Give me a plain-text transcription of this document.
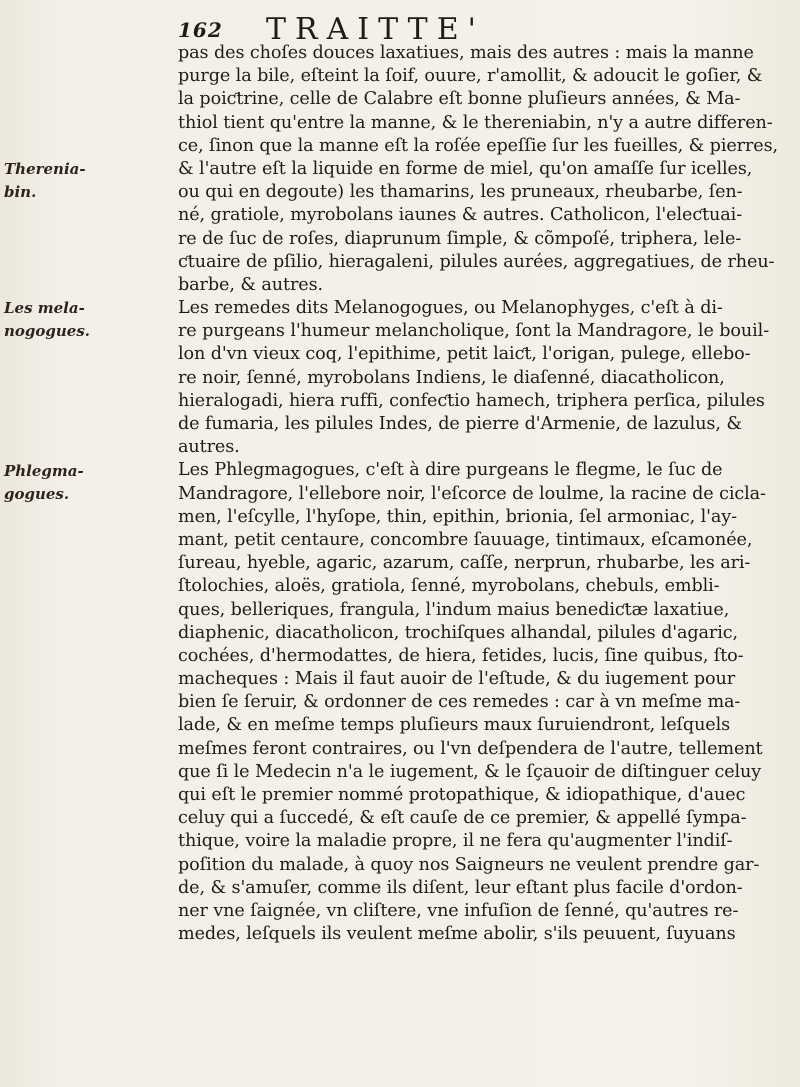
162 TRAITTE'
Therenia-
bin.
Les mela-
nogogues.
Phlegma-
gogues.
pas des choſes douces laxatiues, mais des autres : mais la manne
purge la bile, eſteint la ſoif, ouure, r'amollit, & adoucit le goſier, &
la poiƈtrine, celle de Calabre eſt bonne pluſieurs années, & Ma-
thiol tient qu'entre la manne, & le thereniabin, n'y a autre differen-
ce, ſinon que la manne eſt la roſée epeſſie ſur les fueilles, & pierres,
& l'autre eſt la liquide en forme de miel, qu'on amaſſe ſur icelles,
ou qui en degoute) les thamarins, les pruneaux, rheubarbe, ſen-
né, gratiole, myrobolans iaunes & autres. Catholicon, l'eleƈtuai-
re de ſuc de roſes, diaprunum ſimple, & cõmpoſé, triphera, lele-
ƈtuaire de pſilio, hieragaleni, pilules aurées, aggregatiues, de rheu-
barbe, & autres.
Les remedes dits Melanogogues, ou Melanophyges, c'eſt à di-
re purgeans l'humeur melancholique, ſont la Mandragore, le bouil-
lon d'vn vieux coq, l'epithime, petit laiƈt, l'origan, pulege, ellebo-
re noir, ſenné, myrobolans Indiens, le diaſenné, diacatholicon,
hieralogadi, hiera ruffi, confeƈtio hamech, triphera perſica, pilules
de fumaria, les pilules Indes, de pierre d'Armenie, de lazulus, &
autres.
Les Phlegmagogues, c'eſt à dire purgeans le flegme, le ſuc de
Mandragore, l'ellebore noir, l'eſcorce de loulme, la racine de cicla-
men, l'eſcylle, l'hyſope, thin, epithin, brionia, ſel armoniac, l'ay-
mant, petit centaure, concombre ſauuage, tintimaux, eſcamonée,
ſureau, hyeble, agaric, azarum, caſſe, nerprun, rhubarbe, les ari-
ſtolochies, aloës, gratiola, ſenné, myrobolans, chebuls, embli-
ques, belleriques, frangula, l'indum maius benediƈtæ laxatiue,
diaphenic, diacatholicon, trochiſques alhandal, pilules d'agaric,
cochées, d'hermodattes, de hiera, fetides, lucis, ſine quibus, ſto-
macheques : Mais il faut auoir de l'eſtude, & du iugement pour
bien ſe ſeruir, & ordonner de ces remedes : car à vn meſme ma-
lade, & en meſme temps pluſieurs maux ſuruiendront, leſquels
meſmes feront contraires, ou l'vn deſpendera de l'autre, tellement
que ſi le Medecin n'a le iugement, & le ſçauoir de diſtinguer celuy
qui eſt le premier nommé protopathique, & idiopathique, d'auec
celuy qui a ſuccedé, & eſt cauſe de ce premier, & appellé ſympa-
thique, voire la maladie propre, il ne fera qu'augmenter l'indiſ-
poſition du malade, à quoy nos Saigneurs ne veulent prendre gar-
de, & s'amuſer, comme ils diſent, leur eſtant plus facile d'ordon-
ner vne ſaignée, vn cliſtere, vne infuſion de ſenné, qu'autres re-
medes, leſquels ils veulent meſme abolir, s'ils peuuent, ſuyuans
